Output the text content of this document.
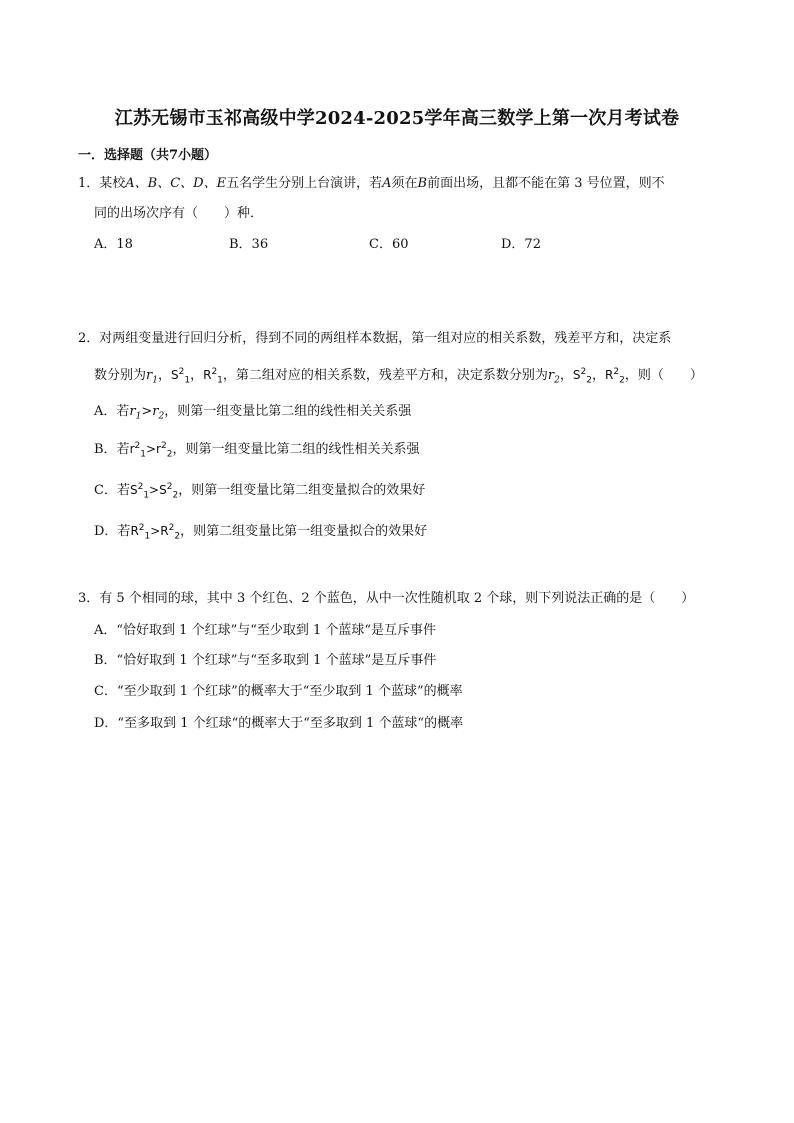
江苏无锡市玉祁高级中学2024-2025学年高三数学上第一次月考试卷
一．选择题（共7小题）
1．某校A、B、C、D、E五名学生分别上台演讲，若A须在B前面出场，且都不能在第 3 号位置，则不
同的出场次序有（　　）种．
A．18	B．36	C．60	D．72
2．对两组变量进行回归分析，得到不同的两组样本数据，第一组对应的相关系数，残差平方和，决定系
数分别为$r_1$，$S^2_1$，$R^2_1$，第二组对应的相关系数，残差平方和，决定系数分别为$r_2$，$S^2_2$，$R^2_2$，则（　　）
A．若$r_1>r_2$，则第一组变量比第二组的线性相关关系强
B．若$r^2_1>r^2_2$，则第一组变量比第二组的线性相关关系强
C．若$S^2_1>S^2_2$，则第一组变量比第二组变量拟合的效果好
D．若$R^2_1>R^2_2$，则第二组变量比第一组变量拟合的效果好
3．有 5 个相同的球，其中 3 个红色、2 个蓝色，从中一次性随机取 2 个球，则下列说法正确的是（　　）
A．“恰好取到 1 个红球”与“至少取到 1 个蓝球“是互斥事件
B．“恰好取到 1 个红球”与“至多取到 1 个蓝球”是互斥事件
C．“至少取到 1 个红球”的概率大于“至少取到 1 个蓝球”的概率
D．“至多取到 1 个红球“的概率大于“至多取到 1 个蓝球“的概率
